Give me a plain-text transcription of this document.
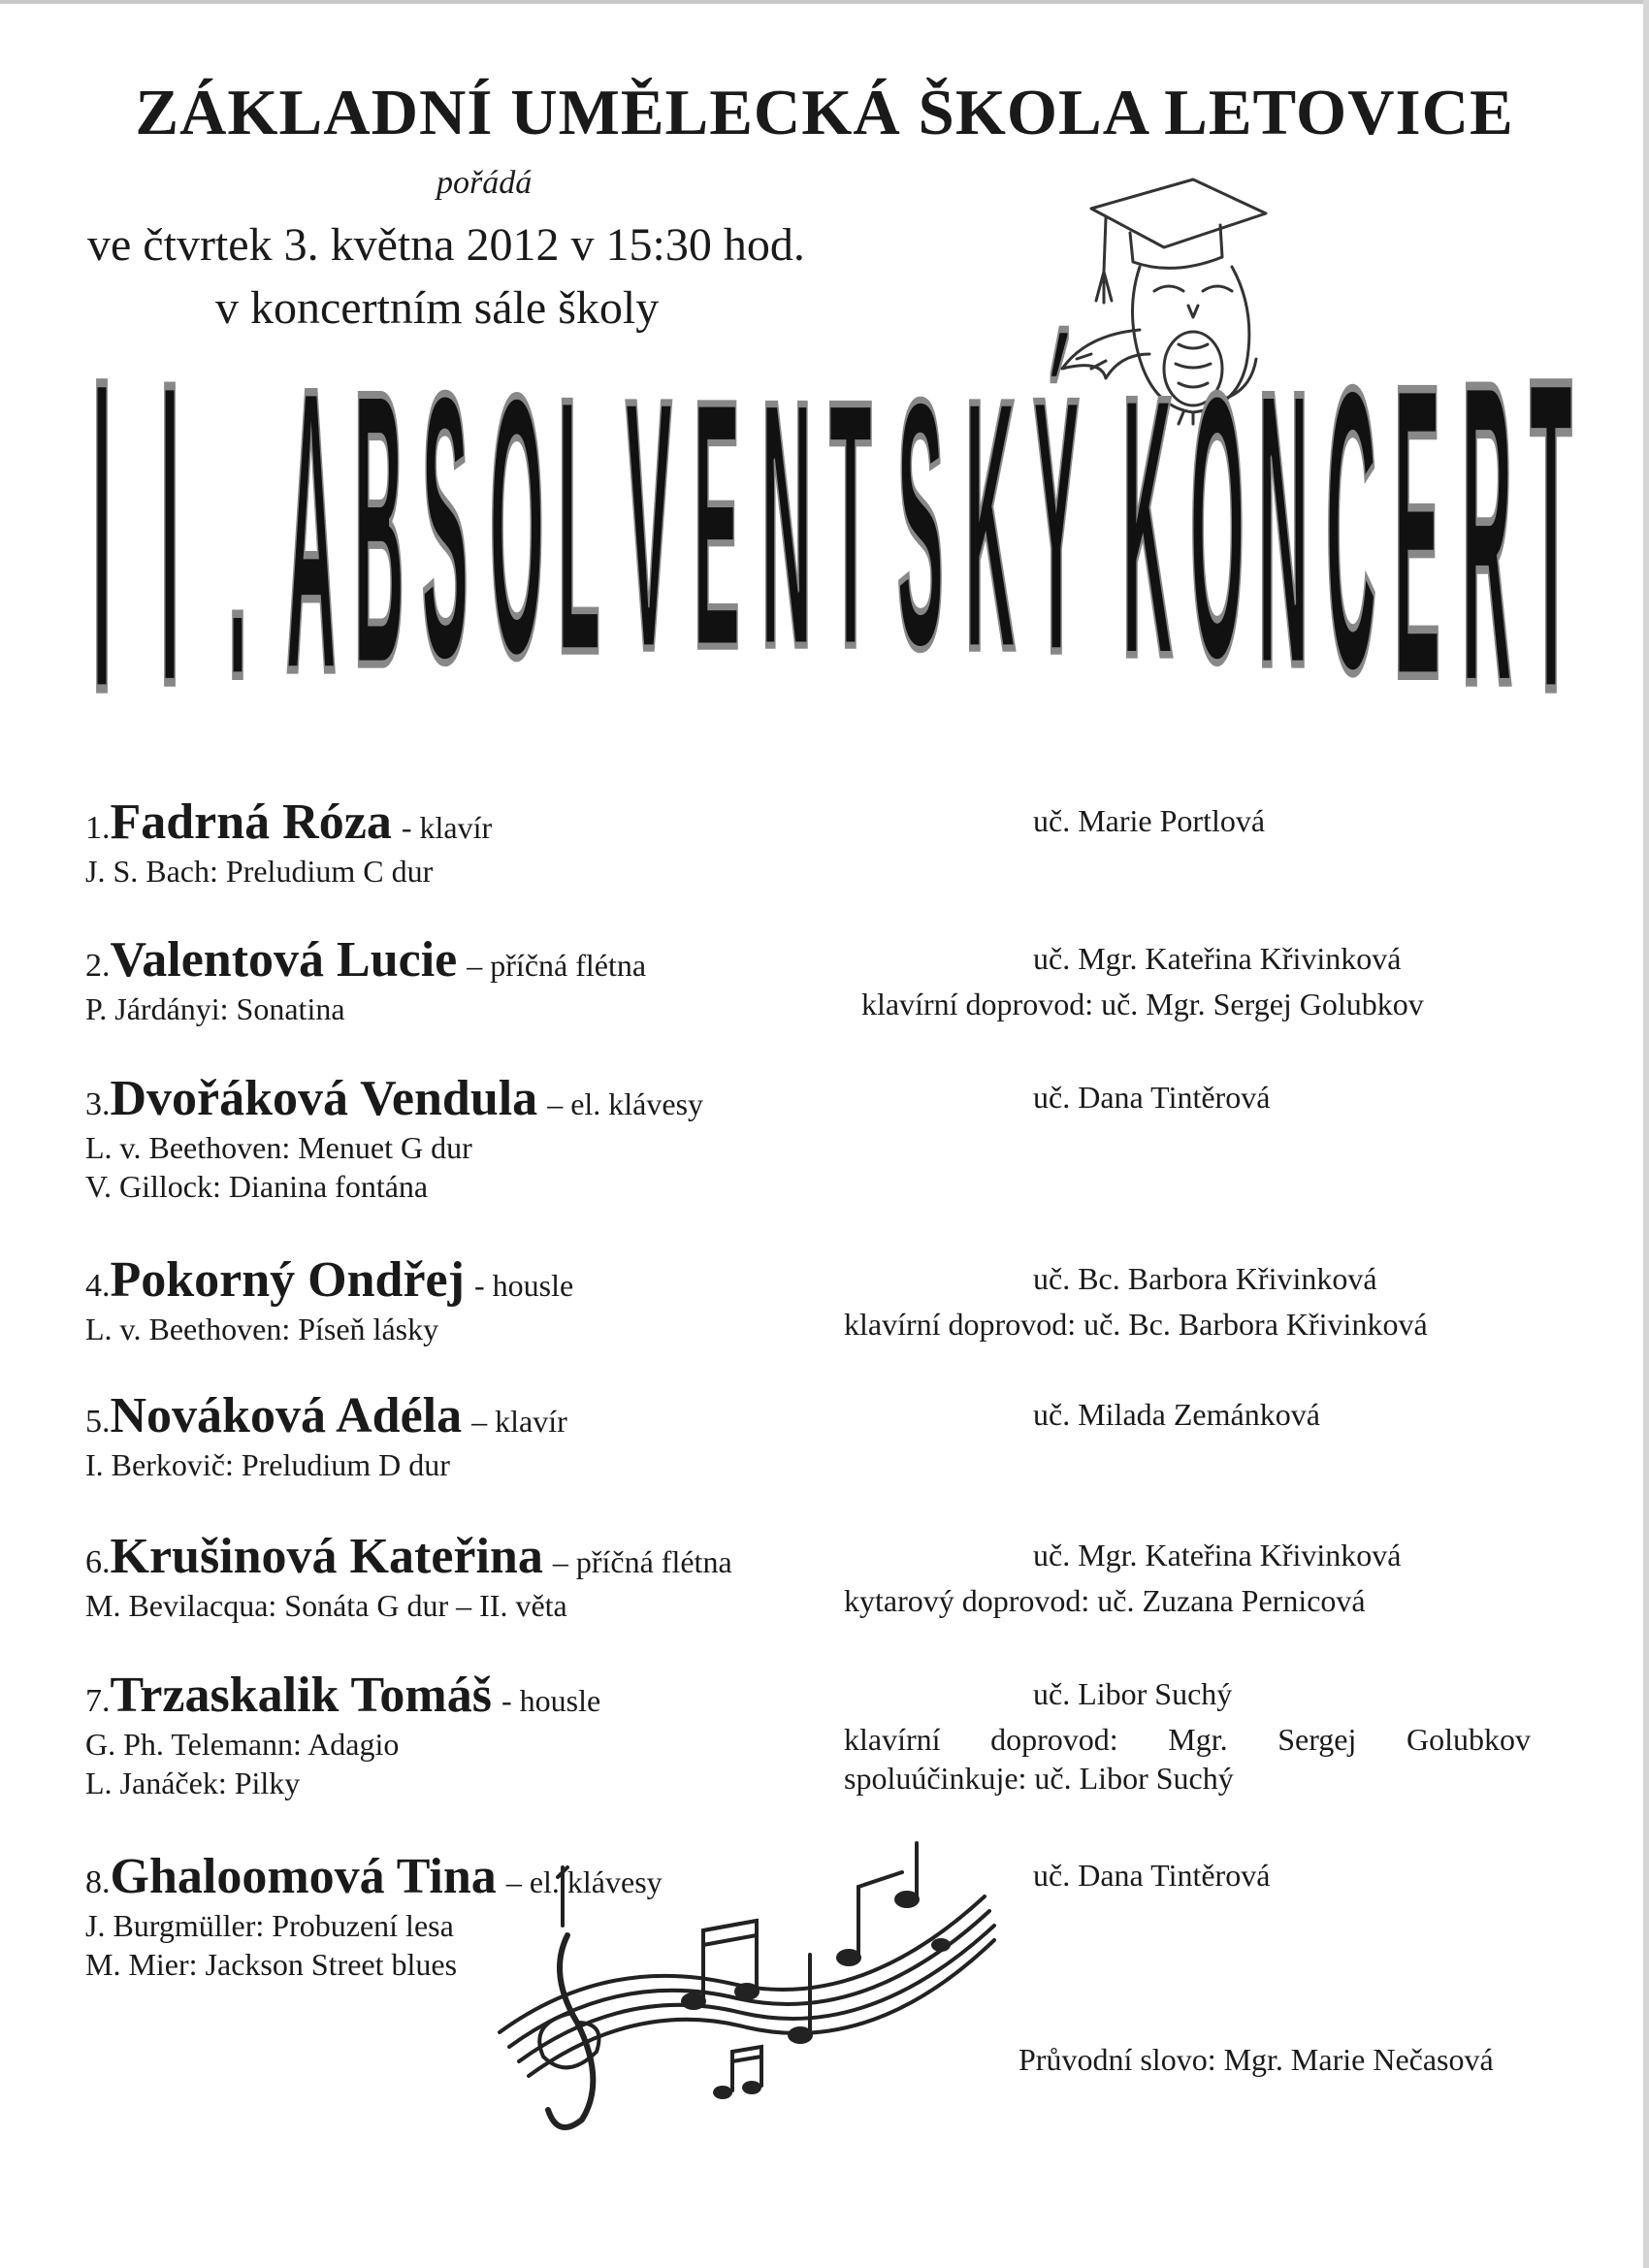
ZÁKLADNÍ UMĚLECKÁ ŠKOLA LETOVICE
pořádá
ve čtvrtek 3. května 2012 v 15:30 hod.
v koncertním sále školy
I I . A B S O L V E N T S K Ý K O N C E R T
1.Fadrná Róza - klavír
J. S. Bach: Preludium C dur
uč. Marie Portlová
2.Valentová Lucie – příčná flétna
P. Járdányi: Sonatina
uč. Mgr. Kateřina Křivinková
klavírní doprovod: uč. Mgr. Sergej Golubkov
3.Dvořáková Vendula – el. klávesy
L. v. Beethoven: Menuet G dur
V. Gillock: Dianina fontána
uč. Dana Tintěrová
4.Pokorný Ondřej - housle
L. v. Beethoven: Píseň lásky
uč. Bc. Barbora Křivinková
klavírní doprovod: uč. Bc. Barbora Křivinková
5.Nováková Adéla – klavír
I. Berkovič: Preludium D dur
uč. Milada Zemánková
6.Krušinová Kateřina – příčná flétna
M. Bevilacqua: Sonáta G dur – II. věta
uč. Mgr. Kateřina Křivinková
kytarový doprovod: uč. Zuzana Pernicová
7.Trzaskalik Tomáš - housle
G. Ph. Telemann: Adagio
L. Janáček: Pilky
uč. Libor Suchý
klavírní doprovod: Mgr. Sergej Golubkov
spoluúčinkuje: uč. Libor Suchý
8.Ghaloomová Tina – el. klávesy
J. Burgmüller: Probuzení lesa
M. Mier: Jackson Street blues
uč. Dana Tintěrová
Průvodní slovo: Mgr. Marie Nečasová
